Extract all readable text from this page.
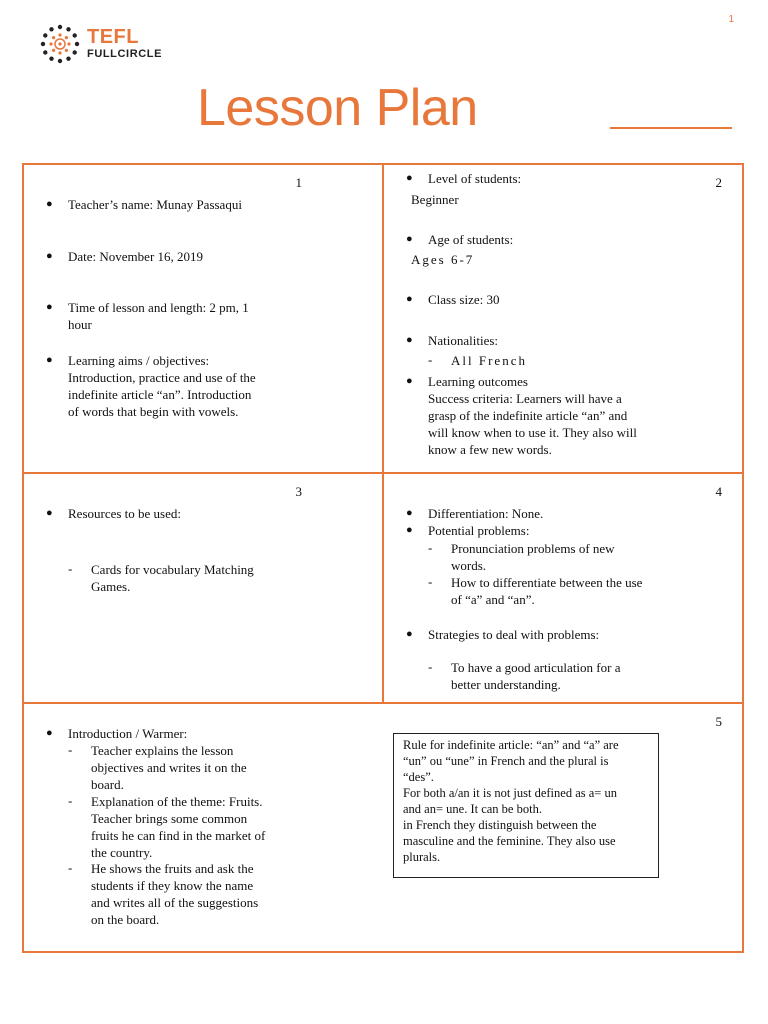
1
TEFL
FULLCIRCLE
Lesson Plan
1
● Teacher’s name: Munay Passaqui
● Date: November 16, 2019
● Time of lesson and length: 2 pm, 1
hour
● Learning aims / objectives:
Introduction, practice and use of the
indefinite article “an”. Introduction
of words that begin with vowels.
2
● Level of students:
Beginner
● Age of students:
Ages 6-7
● Class size: 30
● Nationalities:
- All French
● Learning outcomes
Success criteria: Learners will have a
grasp of the indefinite article “an” and
will know when to use it. They also will
know a few new words.
3
● Resources to be used:
- Cards for vocabulary Matching
Games.
4
● Differentiation: None.
● Potential problems:
- Pronunciation problems of new
words.
- How to differentiate between the use
of “a” and “an”.
● Strategies to deal with problems:
- To have a good articulation for a
better understanding.
5
● Introduction / Warmer:
- Teacher explains the lesson
objectives and writes it on the
board.
- Explanation of the theme: Fruits.
Teacher brings some common
fruits he can find in the market of
the country.
- He shows the fruits and ask the
students if they know the name
and writes all of the suggestions
on the board.
Rule for indefinite article: “an” and “a” are
“un” ou “une” in French and the plural is
“des”.
For both a/an it is not just defined as a= un
and an= une. It can be both.
in French they distinguish between the
masculine and the feminine. They also use
plurals.
